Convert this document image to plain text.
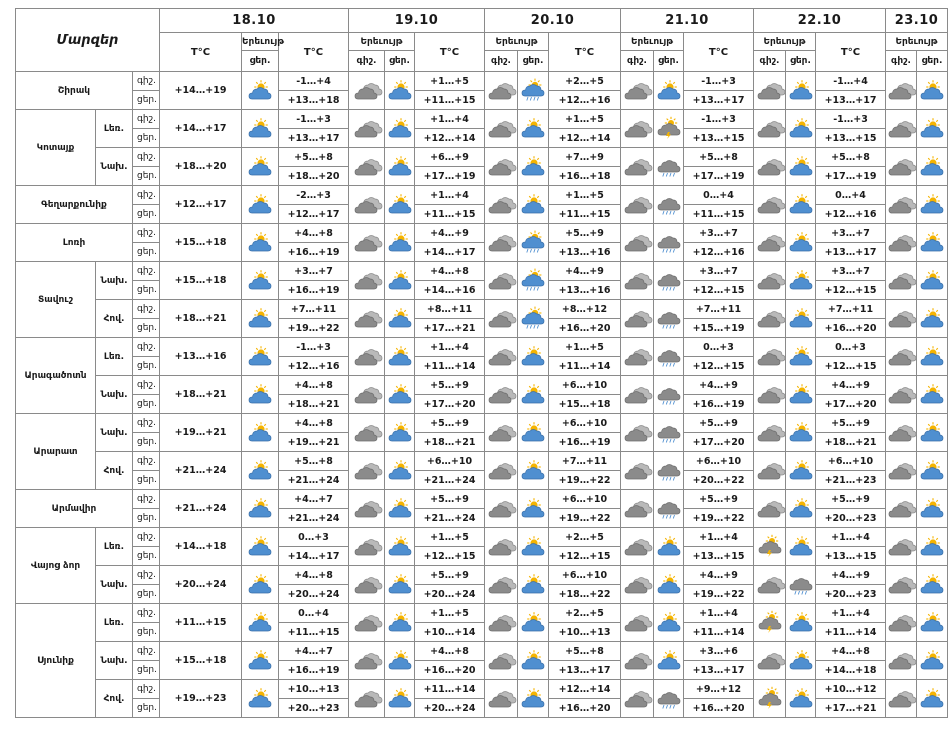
Մարզեր			18.10			19.10			20.10			21.10			22.10			23.10	
			T°C	Երեւույթ	T°C	Երեւույթ		T°C	Երեւույթ		T°C	Երեւույթ		T°C	Երեւույթ		T°C	Երեւույթ	
				ցեր.		գիշ.	ցեր.		գիշ.	ցեր.		գիշ.	ցեր.		գիշ.	ցեր.		գիշ.	ցեր.
Շիրակ		գիշ.	+14…+19		-1…+4			+1…+5			+2…+5			-1…+3			-1…+4		
		ցեր.			+13…+18			+11…+15			+12…+16			+13…+17			+13…+17		
Կոտայք	Լեռ.	գիշ.	+14…+17		-1…+3			+1…+4			+1…+5			-1…+3			-1…+3		
		ցեր.			+13…+17			+12…+14			+12…+14			+13…+15			+13…+15		
	Նախ.	գիշ.	+18…+20		+5…+8			+6…+9			+7…+9			+5…+8			+5…+8		
		ցեր.			+18…+20			+17…+19			+16…+18			+17…+19			+17…+19		
Գեղարքունիք		գիշ.	+12…+17		-2…+3			+1…+4			+1…+5			0…+4			0…+4		
		ցեր.			+12…+17			+11…+15			+11…+15			+11…+15			+12…+16		
Լոռի		գիշ.	+15…+18		+4…+8			+4…+9			+5…+9			+3…+7			+3…+7		
		ցեր.			+16…+19			+14…+17			+13…+16			+12…+16			+13…+17		
Տավուշ	Նախ.	գիշ.	+15…+18		+3…+7			+4…+8			+4…+9			+3…+7			+3…+7		
		ցեր.			+16…+19			+14…+16			+13…+16			+12…+15			+12…+15		
	Հով.	գիշ.	+18…+21		+7…+11			+8…+11			+8…+12			+7…+11			+7…+11		
		ցեր.			+19…+22			+17…+21			+16…+20			+15…+19			+16…+20		
Արագածոտն	Լեռ.	գիշ.	+13…+16		-1…+3			+1…+4			+1…+5			0…+3			0…+3		
		ցեր.			+12…+16			+11…+14			+11…+14			+12…+15			+12…+15		
	Նախ.	գիշ.	+18…+21		+4…+8			+5…+9			+6…+10			+4…+9			+4…+9		
		ցեր.			+18…+21			+17…+20			+15…+18			+16…+19			+17…+20		
Արարատ	Նախ.	գիշ.	+19…+21		+4…+8			+5…+9			+6…+10			+5…+9			+5…+9		
		ցեր.			+19…+21			+18…+21			+16…+19			+17…+20			+18…+21		
	Հով.	գիշ.	+21…+24		+5…+8			+6…+10			+7…+11			+6…+10			+6…+10		
		ցեր.			+21…+24			+21…+24			+19…+22			+20…+22			+21…+23		
Արմավիր		գիշ.	+21…+24		+4…+7			+5…+9			+6…+10			+5…+9			+5…+9		
		ցեր.			+21…+24			+21…+24			+19…+22			+19…+22			+20…+23		
Վայոց ձոր	Լեռ.	գիշ.	+14…+18		0…+3			+1…+5			+2…+5			+1…+4			+1…+4		
		ցեր.			+14…+17			+12…+15			+12…+15			+13…+15			+13…+15		
	Նախ.	գիշ.	+20…+24		+4…+8			+5…+9			+6…+10			+4…+9			+4…+9		
		ցեր.			+20…+24			+20…+24			+18…+22			+19…+22			+20…+23		
Սյունիք	Լեռ.	գիշ.	+11…+15		0…+4			+1…+5			+2…+5			+1…+4			+1…+4		
		ցեր.			+11…+15			+10…+14			+10…+13			+11…+14			+11…+14		
	Նախ.	գիշ.	+15…+18		+4…+7			+4…+8			+5…+8			+3…+6			+4…+8		
		ցեր.			+16…+19			+16…+20			+13…+17			+13…+17			+14…+18		
	Հով.	գիշ.	+19…+23		+10…+13			+11…+14			+12…+14			+9…+12			+10…+12		
		ցեր.			+20…+23			+20…+24			+16…+20			+16…+20			+17…+21		
